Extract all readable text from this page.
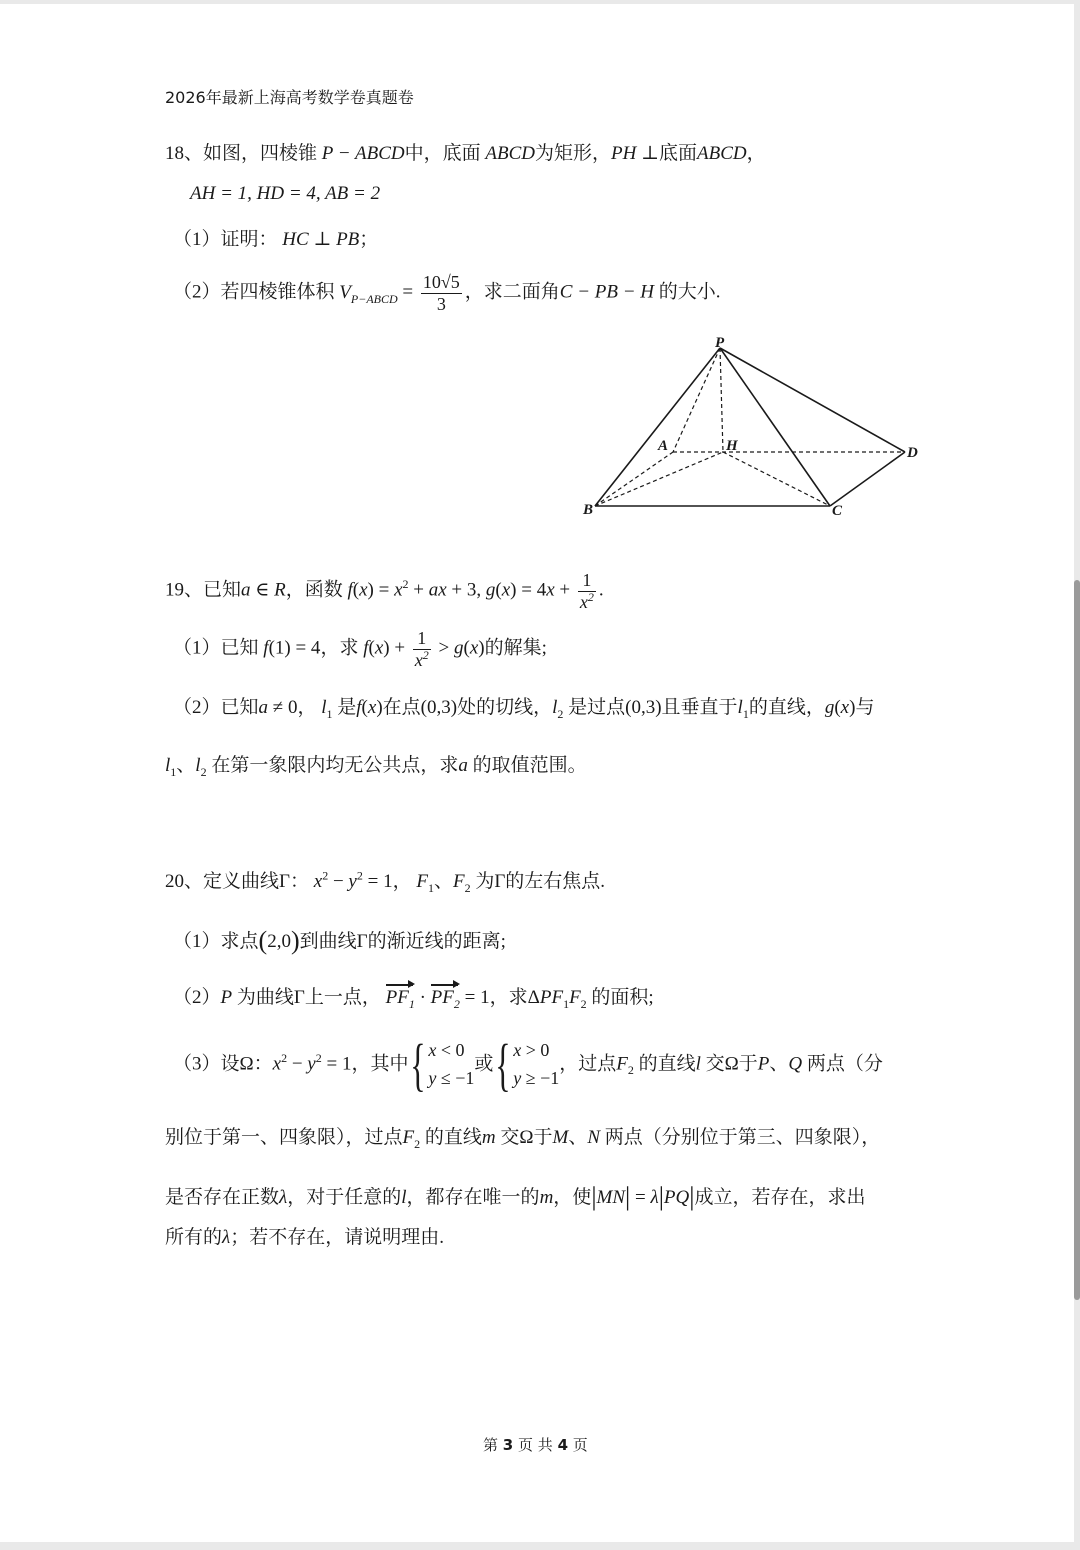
2026年最新上海高考数学卷真题卷
18、如图，四棱锥 P − ABCD中，底面 ABCD为矩形，PH ⊥底面ABCD，
AH = 1, HD = 4, AB = 2
（1）证明： HC ⊥ PB；
（2）若四棱锥体积 $V_{P-ABCD} = \frac{10√5}{3}$ ，求二面角C − PB − H 的大小.
P
A	H	D
B	C
19、已知a ∈ R，函数 $f(x) = x^2$ + ax + 3, $g(x) = 4x + \frac{1}{x^2}$ .
（1）已知 f(1) = 4，求 $f(x) + \frac{1}{x^2} > g(x)$的解集;
（2）已知a ≠ 0， $l_1$ 是f(x)在点(0,3)处的切线，$l_2$ 是过点(0,3)且垂直于$l_1$的直线，g(x)与
$l_1$、$l_2$ 在第一象限内均无公共点，求a 的取值范围。
20、定义曲线Γ： $x^2 - y^2 = 1$， $F_1$、$F_2$ 为Γ的左右焦点.
（1）求点(2,0)到曲线Γ的渐近线的距离;
（2）P 为曲线Γ上一点， $PF_1 \cdot PF_2 = 1$，求$\Delta PF_1F_2$ 的面积;
（3）设Ω：$x^2 - y^2 = 1$，其中{ x < 0
y ≤ −1或{ x > 0
y ≥ −1，过点$F_2$ 的直线l 交Ω于P、Q 两点（分
别位于第一、四象限），过点$F_2$ 的直线m 交Ω于M、N 两点（分别位于第三、四象限），
是否存在正数λ，对于任意的l，都存在唯一的m，使|MN| = λ|PQ|成立，若存在，求出
所有的λ；若不存在，请说明理由.
第 3 页 共 4 页
